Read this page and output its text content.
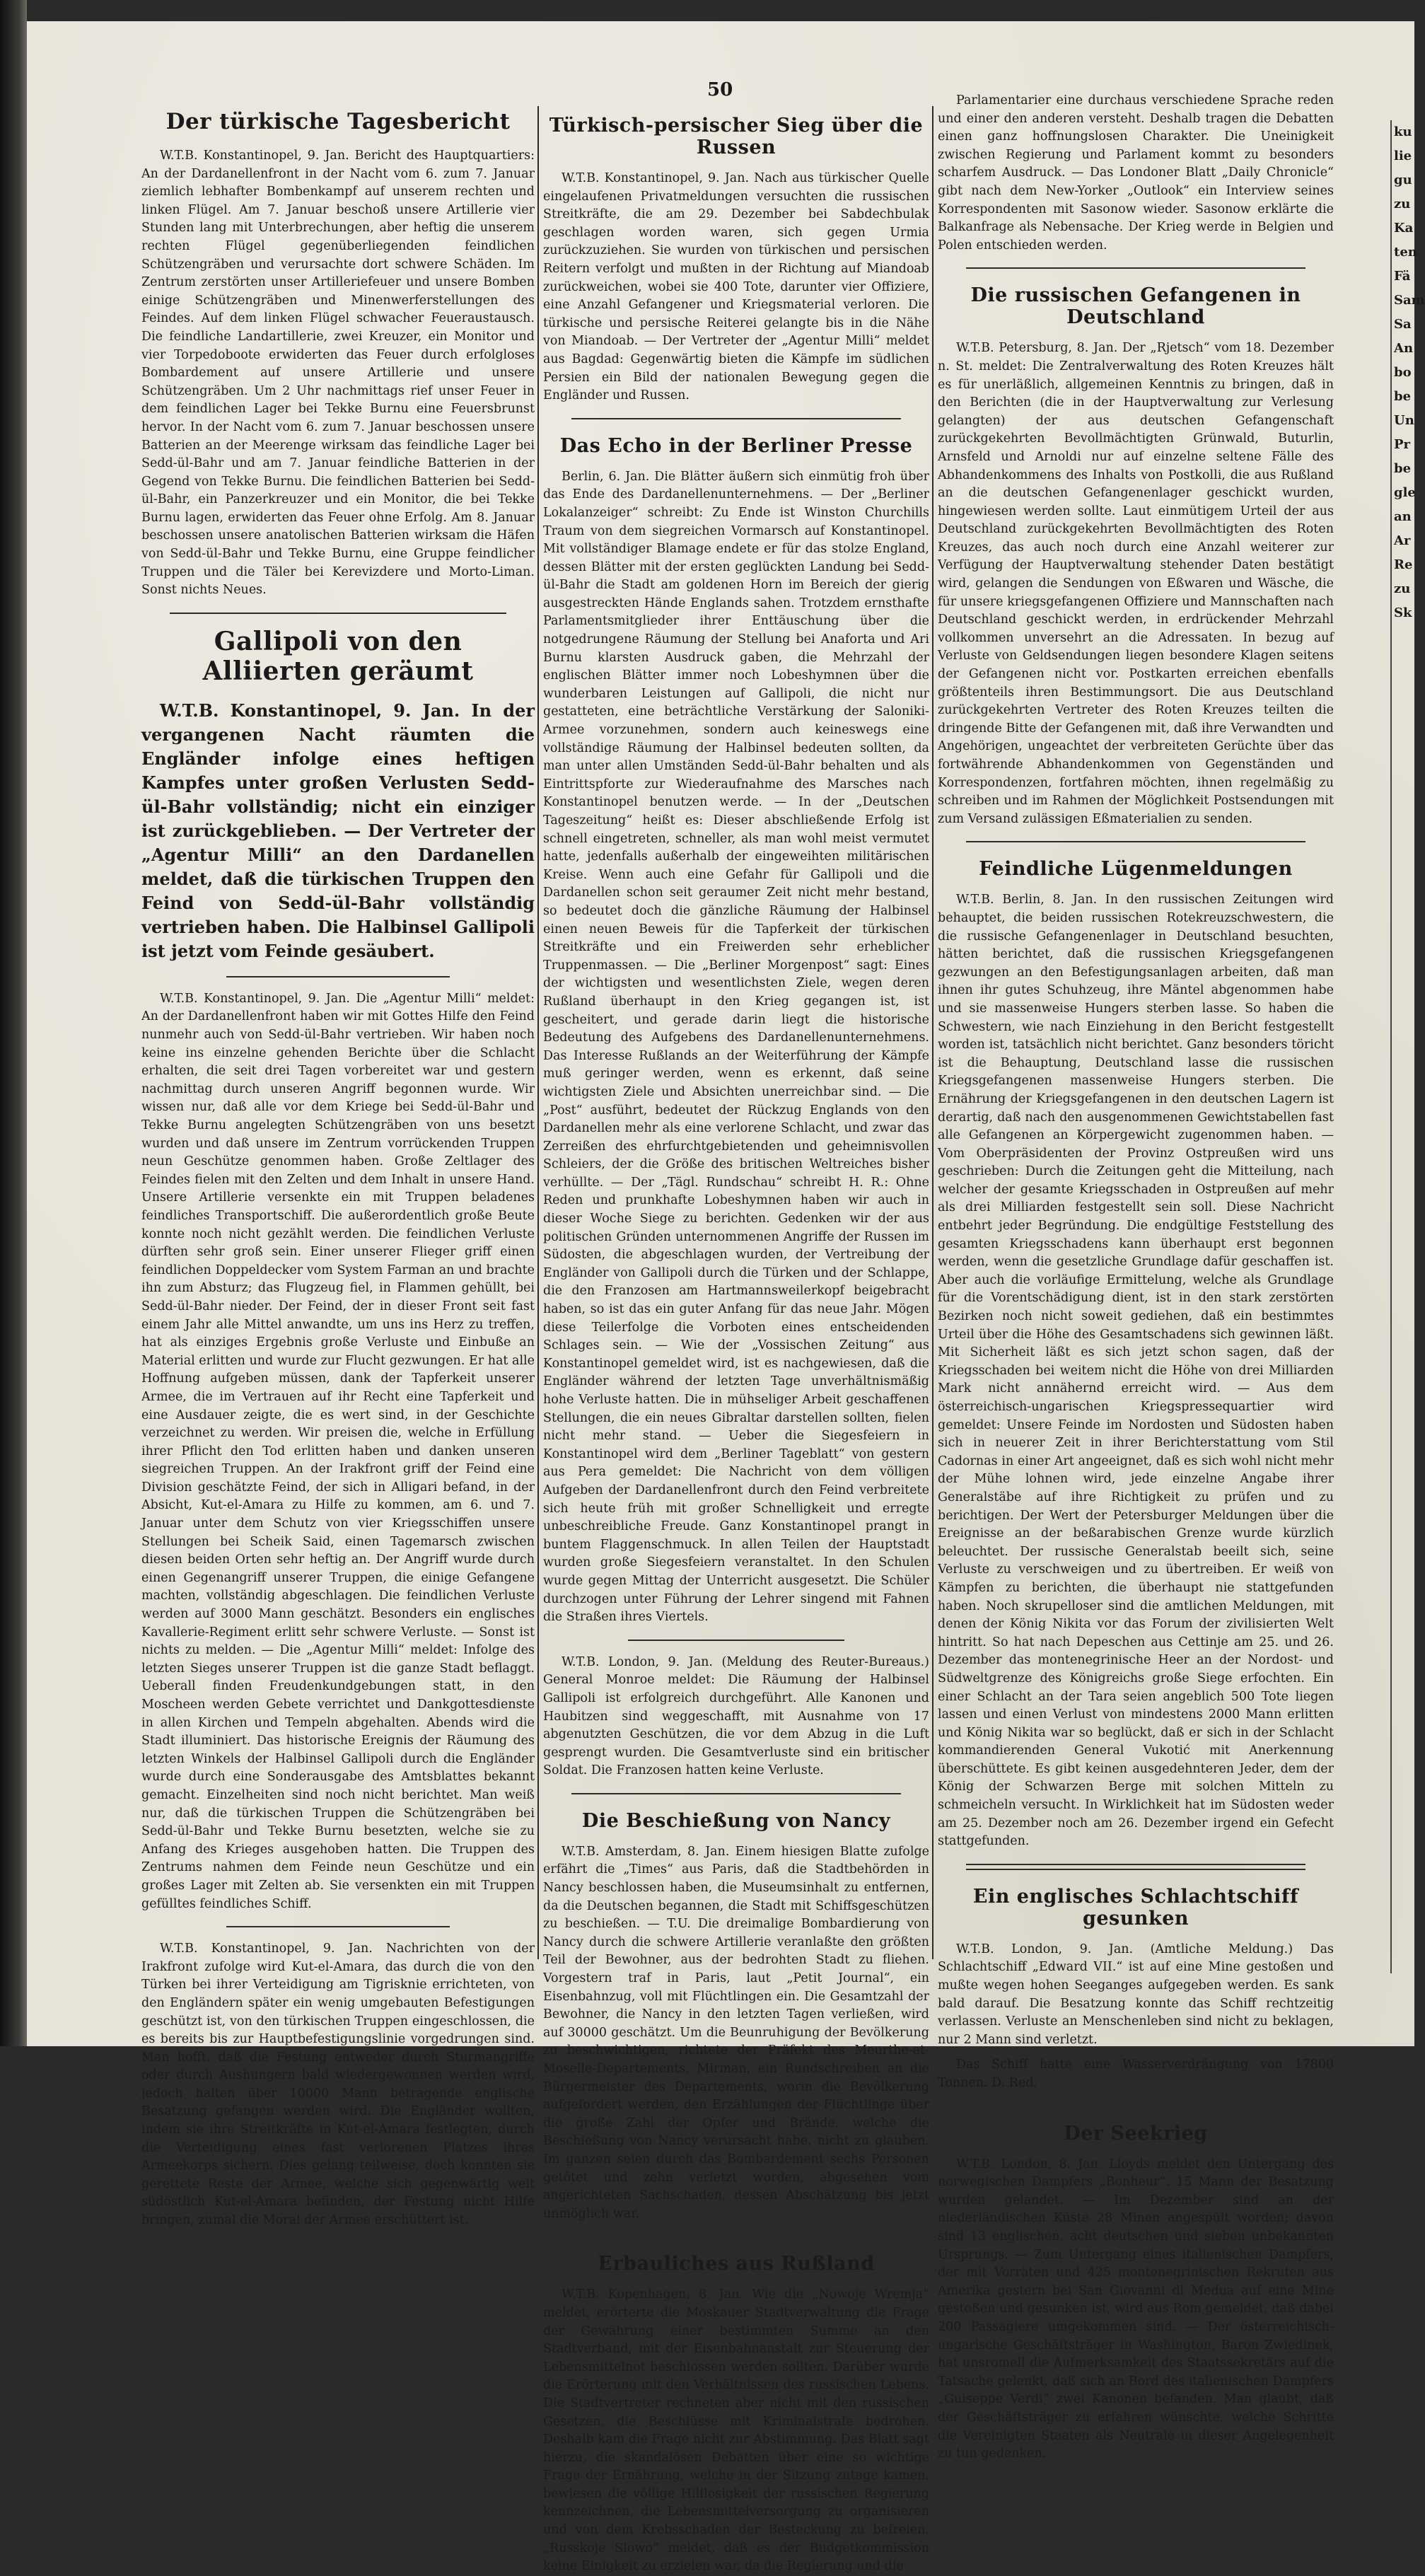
50
Der türkische Tagesbericht

W.T.B. Konstantinopel, 9. Jan. Bericht des Hauptquartiers: An der Dardanellenfront in der Nacht vom 6. zum 7. Januar ziemlich lebhafter Bombenkampf auf unserem rechten und linken Flügel. Am 7. Januar beschoß unsere Artillerie vier Stunden lang mit Unterbrechungen, aber heftig die unserem rechten Flügel gegenüberliegenden feindlichen Schützengräben und verursachte dort schwere Schäden. Im Zentrum zerstörten unser Artilleriefeuer und unsere Bomben einige Schützengräben und Minenwerferstellungen des Feindes. Auf dem linken Flügel schwacher Feueraustausch. Die feindliche Landartillerie, zwei Kreuzer, ein Monitor und vier Torpedoboote erwiderten das Feuer durch erfolgloses Bombardement auf unsere Artillerie und unsere Schützengräben. Um 2 Uhr nachmittags rief unser Feuer in dem feindlichen Lager bei Tekke Burnu eine Feuersbrunst hervor. In der Nacht vom 6. zum 7. Januar beschossen unsere Batterien an der Meerenge wirksam das feindliche Lager bei Sedd-ül-Bahr und am 7. Januar feindliche Batterien in der Gegend von Tekke Burnu. Die feindlichen Batterien bei Sedd-ül-Bahr, ein Panzerkreuzer und ein Monitor, die bei Tekke Burnu lagen, erwiderten das Feuer ohne Erfolg. Am 8. Januar beschossen unsere anatolischen Batterien wirksam die Häfen von Sedd-ül-Bahr und Tekke Burnu, eine Gruppe feindlicher Truppen und die Täler bei Kerevizdere und Morto-Liman. Sonst nichts Neues.

Gallipoli von den Alliierten geräumt

W.T.B. Konstantinopel, 9. Jan. In der vergangenen Nacht räumten die Engländer infolge eines heftigen Kampfes unter großen Verlusten Sedd-ül-Bahr vollständig; nicht ein einziger ist zurückgeblieben. — Der Vertreter der „Agentur Milli“ an den Dardanellen meldet, daß die türkischen Truppen den Feind von Sedd-ül-Bahr vollständig vertrieben haben. Die Halbinsel Gallipoli ist jetzt vom Feinde gesäubert.

W.T.B. Konstantinopel, 9. Jan. Die „Agentur Milli“ meldet: An der Dardanellenfront haben wir mit Gottes Hilfe den Feind nunmehr auch von Sedd-ül-Bahr vertrieben. Wir haben noch keine ins einzelne gehenden Berichte über die Schlacht erhalten, die seit drei Tagen vorbereitet war und gestern nachmittag durch unseren Angriff begonnen wurde. Wir wissen nur, daß alle vor dem Kriege bei Sedd-ül-Bahr und Tekke Burnu angelegten Schützengräben von uns besetzt wurden und daß unsere im Zentrum vorrückenden Truppen neun Geschütze genommen haben. Große Zeltlager des Feindes fielen mit den Zelten und dem Inhalt in unsere Hand. Unsere Artillerie versenkte ein mit Truppen beladenes feindliches Transportschiff. Die außerordentlich große Beute konnte noch nicht gezählt werden. Die feindlichen Verluste dürften sehr groß sein. Einer unserer Flieger griff einen feindlichen Doppeldecker vom System Farman an und brachte ihn zum Absturz; das Flugzeug fiel, in Flammen gehüllt, bei Sedd-ül-Bahr nieder. Der Feind, der in dieser Front seit fast einem Jahr alle Mittel anwandte, um uns ins Herz zu treffen, hat als einziges Ergebnis große Verluste und Einbuße an Material erlitten und wurde zur Flucht gezwungen. Er hat alle Hoffnung aufgeben müssen, dank der Tapferkeit unserer Armee, die im Vertrauen auf ihr Recht eine Tapferkeit und eine Ausdauer zeigte, die es wert sind, in der Geschichte verzeichnet zu werden. Wir preisen die, welche in Erfüllung ihrer Pflicht den Tod erlitten haben und danken unseren siegreichen Truppen. An der Irakfront griff der Feind eine Division geschätzte Feind, der sich in Alligari befand, in der Absicht, Kut-el-Amara zu Hilfe zu kommen, am 6. und 7. Januar unter dem Schutz von vier Kriegsschiffen unsere Stellungen bei Scheik Said, einen Tagemarsch zwischen diesen beiden Orten sehr heftig an. Der Angriff wurde durch einen Gegenangriff unserer Truppen, die einige Gefangene machten, vollständig abgeschlagen. Die feindlichen Verluste werden auf 3000 Mann geschätzt. Besonders ein englisches Kavallerie-Regiment erlitt sehr schwere Verluste. — Sonst ist nichts zu melden. — Die „Agentur Milli“ meldet: Infolge des letzten Sieges unserer Truppen ist die ganze Stadt beflaggt. Ueberall finden Freudenkundgebungen statt, in den Moscheen werden Gebete verrichtet und Dankgottesdienste in allen Kirchen und Tempeln abgehalten. Abends wird die Stadt illuminiert. Das historische Ereignis der Räumung des letzten Winkels der Halbinsel Gallipoli durch die Engländer wurde durch eine Sonderausgabe des Amtsblattes bekannt gemacht. Einzelheiten sind noch nicht berichtet. Man weiß nur, daß die türkischen Truppen die Schützengräben bei Sedd-ül-Bahr und Tekke Burnu besetzten, welche sie zu Anfang des Krieges ausgehoben hatten. Die Truppen des Zentrums nahmen dem Feinde neun Geschütze und ein großes Lager mit Zelten ab. Sie versenkten ein mit Truppen gefülltes feindliches Schiff.

W.T.B. Konstantinopel, 9. Jan. Nachrichten von der Irakfront zufolge wird Kut-el-Amara, das durch die von den Türken bei ihrer Verteidigung am Tigrisknie errichteten, von den Engländern später ein wenig umgebauten Befestigungen geschützt ist, von den türkischen Truppen eingeschlossen, die es bereits bis zur Hauptbefestigungslinie vorgedrungen sind. Man hofft, daß die Festung entweder durch Sturmangriffe oder durch Aushungern bald wiedergewonnen werden wird, jedoch halten über 10000 Mann betragende englische Besatzung gefangen werden wird. Die Engländer wollten, indem sie ihre Streitkräfte in Kut-el-Amara festlegten, durch die Verteidigung eines fast verlorenen Platzes ihres Armeekorps sichern. Dies gelang teilweise, doch konnten sie gerettete Reste der Armee, welche sich gegenwärtig weit südöstlich Kut-el-Amara befinden, der Festung nicht Hilfe bringen, zumal die Moral der Armee erschüttert ist.

Türkisch-persischer Sieg über die Russen

W.T.B. Konstantinopel, 9. Jan. Nach aus türkischer Quelle eingelaufenen Privatmeldungen versuchten die russischen Streitkräfte, die am 29. Dezember bei Sabdechbulak geschlagen worden waren, sich gegen Urmia zurückzuziehen. Sie wurden von türkischen und persischen Reitern verfolgt und mußten in der Richtung auf Miandoab zurückweichen, wobei sie 400 Tote, darunter vier Offiziere, eine Anzahl Gefangener und Kriegsmaterial verloren. Die türkische und persische Reiterei gelangte bis in die Nähe von Miandoab. — Der Vertreter der „Agentur Milli“ meldet aus Bagdad: Gegenwärtig bieten die Kämpfe im südlichen Persien ein Bild der nationalen Bewegung gegen die Engländer und Russen.

Das Echo in der Berliner Presse

Berlin, 6. Jan. Die Blätter äußern sich einmütig froh über das Ende des Dardanellenunternehmens. — Der „Berliner Lokalanzeiger“ schreibt: Zu Ende ist Winston Churchills Traum von dem siegreichen Vormarsch auf Konstantinopel. Mit vollständiger Blamage endete er für das stolze England, dessen Blätter mit der ersten geglückten Landung bei Sedd-ül-Bahr die Stadt am goldenen Horn im Bereich der gierig ausgestreckten Hände Englands sahen. Trotzdem ernsthafte Parlamentsmitglieder ihrer Enttäuschung über die notgedrungene Räumung der Stellung bei Anaforta und Ari Burnu klarsten Ausdruck gaben, die Mehrzahl der englischen Blätter immer noch Lobeshymnen über die wunderbaren Leistungen auf Gallipoli, die nicht nur gestatteten, eine beträchtliche Verstärkung der Saloniki-Armee vorzunehmen, sondern auch keineswegs eine vollständige Räumung der Halbinsel bedeuten sollten, da man unter allen Umständen Sedd-ül-Bahr behalten und als Eintrittspforte zur Wiederaufnahme des Marsches nach Konstantinopel benutzen werde. — In der „Deutschen Tageszeitung“ heißt es: Dieser abschließende Erfolg ist schnell eingetreten, schneller, als man wohl meist vermutet hatte, jedenfalls außerhalb der eingeweihten militärischen Kreise. Wenn auch eine Gefahr für Gallipoli und die Dardanellen schon seit geraumer Zeit nicht mehr bestand, so bedeutet doch die gänzliche Räumung der Halbinsel einen neuen Beweis für die Tapferkeit der türkischen Streitkräfte und ein Freiwerden sehr erheblicher Truppenmassen. — Die „Berliner Morgenpost“ sagt: Eines der wichtigsten und wesentlichsten Ziele, wegen deren Rußland überhaupt in den Krieg gegangen ist, ist gescheitert, und gerade darin liegt die historische Bedeutung des Aufgebens des Dardanellenunternehmens. Das Interesse Rußlands an der Weiterführung der Kämpfe muß geringer werden, wenn es erkennt, daß seine wichtigsten Ziele und Absichten unerreichbar sind. — Die „Post“ ausführt, bedeutet der Rückzug Englands von den Dardanellen mehr als eine verlorene Schlacht, und zwar das Zerreißen des ehrfurchtgebietenden und geheimnisvollen Schleiers, der die Größe des britischen Weltreiches bisher verhüllte. — Der „Tägl. Rundschau“ schreibt H. R.: Ohne Reden und prunkhafte Lobeshymnen haben wir auch in dieser Woche Siege zu berichten. Gedenken wir der aus politischen Gründen unternommenen Angriffe der Russen im Südosten, die abgeschlagen wurden, der Vertreibung der Engländer von Gallipoli durch die Türken und der Schlappe, die den Franzosen am Hartmannsweilerkopf beigebracht haben, so ist das ein guter Anfang für das neue Jahr. Mögen diese Teilerfolge die Vorboten eines entscheidenden Schlages sein. — Wie der „Vossischen Zeitung“ aus Konstantinopel gemeldet wird, ist es nachgewiesen, daß die Engländer während der letzten Tage unverhältnismäßig hohe Verluste hatten. Die in mühseliger Arbeit geschaffenen Stellungen, die ein neues Gibraltar darstellen sollten, fielen nicht mehr stand. — Ueber die Siegesfeiern in Konstantinopel wird dem „Berliner Tageblatt“ von gestern aus Pera gemeldet: Die Nachricht von dem völligen Aufgeben der Dardanellenfront durch den Feind verbreitete sich heute früh mit großer Schnelligkeit und erregte unbeschreibliche Freude. Ganz Konstantinopel prangt in buntem Flaggenschmuck. In allen Teilen der Hauptstadt wurden große Siegesfeiern veranstaltet. In den Schulen wurde gegen Mittag der Unterricht ausgesetzt. Die Schüler durchzogen unter Führung der Lehrer singend mit Fahnen die Straßen ihres Viertels.

W.T.B. London, 9. Jan. (Meldung des Reuter-Bureaus.) General Monroe meldet: Die Räumung der Halbinsel Gallipoli ist erfolgreich durchgeführt. Alle Kanonen und Haubitzen sind weggeschafft, mit Ausnahme von 17 abgenutzten Geschützen, die vor dem Abzug in die Luft gesprengt wurden. Die Gesamtverluste sind ein britischer Soldat. Die Franzosen hatten keine Verluste.

Die Beschießung von Nancy

W.T.B. Amsterdam, 8. Jan. Einem hiesigen Blatte zufolge erfährt die „Times“ aus Paris, daß die Stadtbehörden in Nancy beschlossen haben, die Museumsinhalt zu entfernen, da die Deutschen begannen, die Stadt mit Schiffsgeschützen zu beschießen. — T.U. Die dreimalige Bombardierung von Nancy durch die schwere Artillerie veranlaßte den größten Teil der Bewohner, aus der bedrohten Stadt zu fliehen. Vorgestern traf in Paris, laut „Petit Journal“, ein Eisenbahnzug, voll mit Flüchtlingen ein. Die Gesamtzahl der Bewohner, die Nancy in den letzten Tagen verließen, wird auf 30000 geschätzt. Um die Beunruhigung der Bevölkerung zu beschwichtigen, richtete der Präfekt des Meurthe-et-Moselle-Departements, Mirman, ein Rundschreiben an die Bürgermeister des Departements, worin die Bevölkerung aufgefordert werden, den Erzählungen der Flüchtlinge über die große Zahl der Opfer und Brände, welche die Beschießung von Nancy verursacht habe, nicht zu glauben. Im ganzen seien durch das Bombardement sechs Personen getötet und zehn verletzt worden, abgesehen vom angerichteten Sachschaden, dessen Abschätzung bis jetzt unmöglich war.

Erbauliches aus Rußland

W.T.B. Kopenhagen, 8. Jan. Wie die „Nowoje Wremja“ meldet, erörterte die Moskauer Stadtverwaltung die Frage der Gewährung einer bestimmten Summe an den Stadtverband, mit der Eisenbahnanstalt zur Steuerung der Lebensmittelnot beschlossen werden sollten. Darüber wurde die Erörterung mit den Verhältnissen des russischen Lebens. Die Stadtvertreter rechneten aber nicht mit den russischen Gesetzen, die Beschlüsse mit Kriminalstrafe bedrohen. Deshalb kam die Frage nicht zur Abstimmung. Das Blatt sagt hierzu, die skandalösen Debatten über eine so wichtige Frage der Ernährung, welche in der Sitzung zutage kamen, bewiesen die völlige Hilflosigkeit der russischen Regierung kennzeichnen, die Lebensmittelversorgung zu organisieren und von dem Krebsschaden der Besteckung zu befreien. „Russkoje Slowo“ meldet, daß es der Budgetkommission keine Einigkeit zu erzielen war, da die Regierung und die

Parlamentarier eine durchaus verschiedene Sprache reden und einer den anderen versteht. Deshalb tragen die Debatten einen ganz hoffnungslosen Charakter. Die Uneinigkeit zwischen Regierung und Parlament kommt zu besonders scharfem Ausdruck. — Das Londoner Blatt „Daily Chronicle“ gibt nach dem New-Yorker „Outlook“ ein Interview seines Korrespondenten mit Sasonow wieder. Sasonow erklärte die Balkanfrage als Nebensache. Der Krieg werde in Belgien und Polen entschieden werden.

Die russischen Gefangenen in Deutschland

W.T.B. Petersburg, 8. Jan. Der „Rjetsch“ vom 18. Dezember n. St. meldet: Die Zentralverwaltung des Roten Kreuzes hält es für unerläßlich, allgemeinen Kenntnis zu bringen, daß in den Berichten (die in der Hauptverwaltung zur Verlesung gelangten) der aus deutschen Gefangenschaft zurückgekehrten Bevollmächtigten Grünwald, Buturlin, Arnsfeld und Arnoldi nur auf einzelne seltene Fälle des Abhandenkommens des Inhalts von Postkolli, die aus Rußland an die deutschen Gefangenenlager geschickt wurden, hingewiesen werden sollte. Laut einmütigem Urteil der aus Deutschland zurückgekehrten Bevollmächtigten des Roten Kreuzes, das auch noch durch eine Anzahl weiterer zur Verfügung der Hauptverwaltung stehender Daten bestätigt wird, gelangen die Sendungen von Eßwaren und Wäsche, die für unsere kriegsgefangenen Offiziere und Mannschaften nach Deutschland geschickt werden, in erdrückender Mehrzahl vollkommen unversehrt an die Adressaten. In bezug auf Verluste von Geldsendungen liegen besondere Klagen seitens der Gefangenen nicht vor. Postkarten erreichen ebenfalls größtenteils ihren Bestimmungsort. Die aus Deutschland zurückgekehrten Vertreter des Roten Kreuzes teilten die dringende Bitte der Gefangenen mit, daß ihre Verwandten und Angehörigen, ungeachtet der verbreiteten Gerüchte über das fortwährende Abhandenkommen von Gegenständen und Korrespondenzen, fortfahren möchten, ihnen regelmäßig zu schreiben und im Rahmen der Möglichkeit Postsendungen mit zum Versand zulässigen Eßmaterialien zu senden.

Feindliche Lügenmeldungen

W.T.B. Berlin, 8. Jan. In den russischen Zeitungen wird behauptet, die beiden russischen Rotekreuzschwestern, die die russische Gefangenenlager in Deutschland besuchten, hätten berichtet, daß die russischen Kriegsgefangenen gezwungen an den Befestigungsanlagen arbeiten, daß man ihnen ihr gutes Schuhzeug, ihre Mäntel abgenommen habe und sie massenweise Hungers sterben lasse. So haben die Schwestern, wie nach Einziehung in den Bericht festgestellt worden ist, tatsächlich nicht berichtet. Ganz besonders töricht ist die Behauptung, Deutschland lasse die russischen Kriegsgefangenen massenweise Hungers sterben. Die Ernährung der Kriegsgefangenen in den deutschen Lagern ist derartig, daß nach den ausgenommenen Gewichtstabellen fast alle Gefangenen an Körpergewicht zugenommen haben. — Vom Oberpräsidenten der Provinz Ostpreußen wird uns geschrieben: Durch die Zeitungen geht die Mitteilung, nach welcher der gesamte Kriegsschaden in Ostpreußen auf mehr als drei Milliarden festgestellt sein soll. Diese Nachricht entbehrt jeder Begründung. Die endgültige Feststellung des gesamten Kriegsschadens kann überhaupt erst begonnen werden, wenn die gesetzliche Grundlage dafür geschaffen ist. Aber auch die vorläufige Ermittelung, welche als Grundlage für die Vorentschädigung dient, ist in den stark zerstörten Bezirken noch nicht soweit gediehen, daß ein bestimmtes Urteil über die Höhe des Gesamtschadens sich gewinnen läßt. Mit Sicherheit läßt es sich jetzt schon sagen, daß der Kriegsschaden bei weitem nicht die Höhe von drei Milliarden Mark nicht annähernd erreicht wird. — Aus dem österreichisch-ungarischen Kriegspressequartier wird gemeldet: Unsere Feinde im Nordosten und Südosten haben sich in neuerer Zeit in ihrer Berichterstattung vom Stil Cadornas in einer Art angeeignet, daß es sich wohl nicht mehr der Mühe lohnen wird, jede einzelne Angabe ihrer Generalstäbe auf ihre Richtigkeit zu prüfen und zu berichtigen. Der Wert der Petersburger Meldungen über die Ereignisse an der beßarabischen Grenze wurde kürzlich beleuchtet. Der russische Generalstab beeilt sich, seine Verluste zu verschweigen und zu übertreiben. Er weiß von Kämpfen zu berichten, die überhaupt nie stattgefunden haben. Noch skrupelloser sind die amtlichen Meldungen, mit denen der König Nikita vor das Forum der zivilisierten Welt hintritt. So hat nach Depeschen aus Cettinje am 25. und 26. Dezember das montenegrinische Heer an der Nordost- und Südweltgrenze des Königreichs große Siege erfochten. Ein einer Schlacht an der Tara seien angeblich 500 Tote liegen lassen und einen Verlust von mindestens 2000 Mann erlitten und König Nikita war so beglückt, daß er sich in der Schlacht kommandierenden General Vukotić mit Anerkennung überschüttete. Es gibt keinen ausgedehnteren Jeder, dem der König der Schwarzen Berge mit solchen Mitteln zu schmeicheln versucht. In Wirklichkeit hat im Südosten weder am 25. Dezember noch am 26. Dezember irgend ein Gefecht stattgefunden.

Ein englisches Schlachtschiff gesunken

W.T.B. London, 9. Jan. (Amtliche Meldung.) Das Schlachtschiff „Edward VII.“ ist auf eine Mine gestoßen und mußte wegen hohen Seeganges aufgegeben werden. Es sank bald darauf. Die Besatzung konnte das Schiff rechtzeitig verlassen. Verluste an Menschenleben sind nicht zu beklagen, nur 2 Mann sind verletzt.

Das Schiff hatte eine Wasserverdrängung von 17800 Tonnen. D. Red.

Der Seekrieg

W.T.B. London, 8. Jan. Lloyds meldet den Untergang des norwegischen Dampfers „Bonheur“. 15 Mann der Besatzung wurden gelandet. — Im Dezember sind an der niederländischen Küste 28 Minen angespült worden; davon sind 13 englischen, acht deutschen und sieben unbekannten Ursprungs. — Zum Untergang eines italienischen Dampfers, der mit Vorräten und 425 montenegrinischen Rekruten aus Amerika gestern bei San Giovanni di Medua auf eine Mine gestoßen und gesunken ist, wird aus Rom gemeldet, daß dabei 200 Passagiere umgekommen sind. — Der österreichisch-ungarische Geschäftsträger in Washington, Baron Zwiedinek, hat unsromell die Aufmerksamkeit des Staatssekretärs auf die Tatsache gelenkt, daß sich an Bord des italienischen Dampfers „Guiseppe Verdi“ zwei Kanonen befanden. Man glaubt, daß der Geschäftsträger zu erfahren wünschte, welche Schritte die Vereinigten Staaten als Neutrale in dieser Angelegenheit zu tun gedenken.

ku
lie
gu
zu
Ka
ten
Fä
Sam
Sa
An
bo
be
Un
Pr
be
gle
an
Ar
Re
zu
Sk
